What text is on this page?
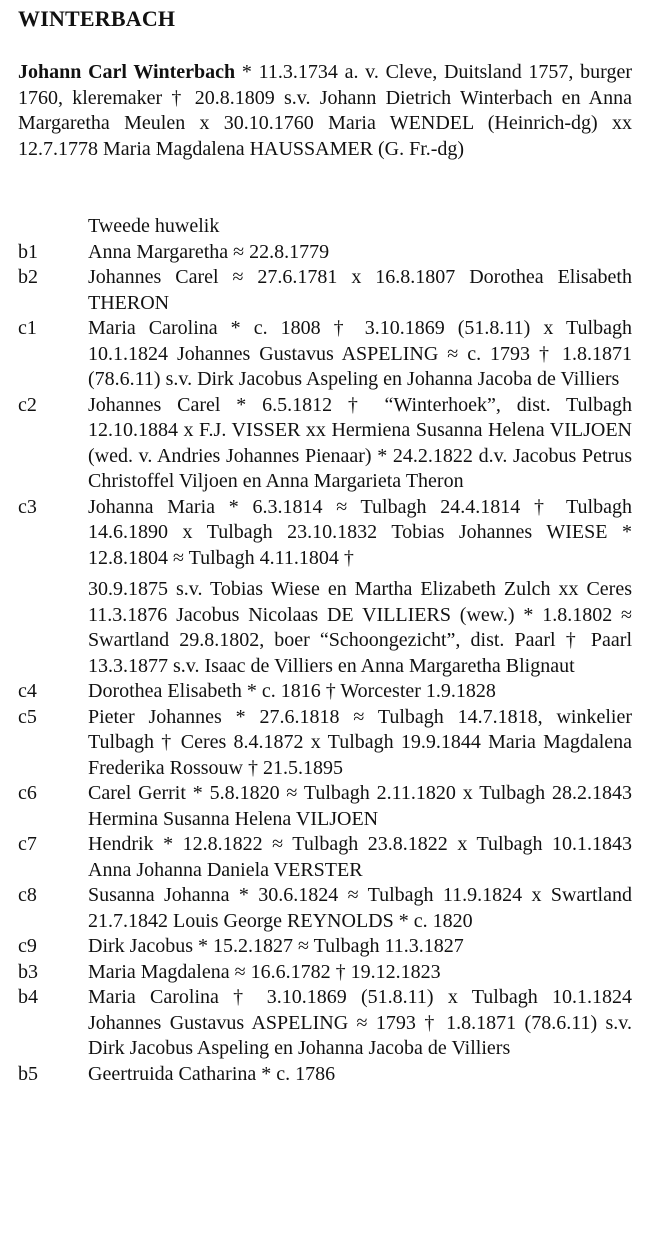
WINTERBACH
Johann Carl Winterbach * 11.3.1734 a. v. Cleve, Duitsland 1757, burger 1760, kleremaker † 20.8.1809 s.v. Johann Dietrich Winterbach en Anna Margaretha Meulen x 30.10.1760 Maria WENDEL (Heinrich-dg) xx 12.7.1778 Maria Magdalena HAUSSAMER (G. Fr.-dg)
Tweede huwelik
b1	Anna Margaretha ≈ 22.8.1779
b2	Johannes Carel ≈ 27.6.1781 x 16.8.1807 Dorothea Elisabeth THERON
c1	Maria Carolina * c. 1808 † 3.10.1869 (51.8.11) x Tulbagh 10.1.1824 Johannes Gustavus ASPELING ≈ c. 1793 † 1.8.1871 (78.6.11) s.v. Dirk Jacobus Aspeling en Johanna Jacoba de Villiers
c2	Johannes Carel * 6.5.1812 † “Winterhoek”, dist. Tulbagh 12.10.1884 x F.J. VISSER xx Hermiena Susanna Helena VILJOEN (wed. v. Andries Johannes Pienaar) * 24.2.1822 d.v. Jacobus Petrus Christoffel Viljoen en Anna Margarieta Theron
c3	Johanna Maria * 6.3.1814 ≈ Tulbagh 24.4.1814 † Tulbagh 14.6.1890 x Tulbagh 23.10.1832 Tobias Johannes WIESE * 12.8.1804 ≈ Tulbagh 4.11.1804 †
30.9.1875 s.v. Tobias Wiese en Martha Elizabeth Zulch xx Ceres 11.3.1876 Jacobus Nicolaas DE VILLIERS (wew.) * 1.8.1802 ≈ Swartland 29.8.1802, boer “Schoongezicht”, dist. Paarl † Paarl 13.3.1877 s.v. Isaac de Villiers en Anna Margaretha Blignaut
c4	Dorothea Elisabeth * c. 1816 † Worcester 1.9.1828
c5	Pieter Johannes * 27.6.1818 ≈ Tulbagh 14.7.1818, winkelier Tulbagh † Ceres 8.4.1872 x Tulbagh 19.9.1844 Maria Magdalena Frederika Rossouw † 21.5.1895
c6	Carel Gerrit * 5.8.1820 ≈ Tulbagh 2.11.1820 x Tulbagh 28.2.1843 Hermina Susanna Helena VILJOEN
c7	Hendrik * 12.8.1822 ≈ Tulbagh 23.8.1822 x Tulbagh 10.1.1843 Anna Johanna Daniela VERSTER
c8	Susanna Johanna * 30.6.1824 ≈ Tulbagh 11.9.1824 x Swartland 21.7.1842 Louis George REYNOLDS * c. 1820
c9	Dirk Jacobus * 15.2.1827 ≈ Tulbagh 11.3.1827
b3	Maria Magdalena ≈ 16.6.1782 † 19.12.1823
b4	Maria Carolina † 3.10.1869 (51.8.11) x Tulbagh 10.1.1824 Johannes Gustavus ASPELING ≈ 1793 † 1.8.1871 (78.6.11) s.v. Dirk Jacobus Aspeling en Johanna Jacoba de Villiers
b5	Geertruida Catharina * c. 1786
